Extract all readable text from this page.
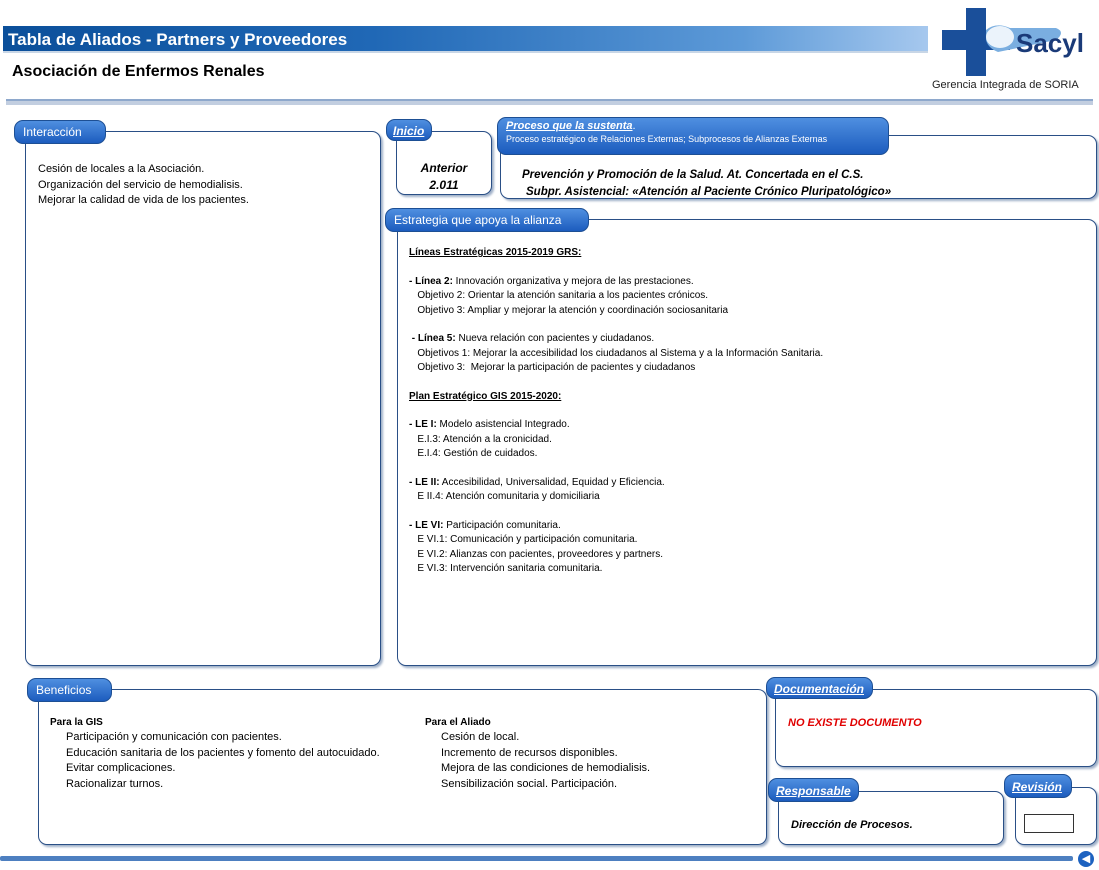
Tabla de Aliados - Partners y Proveedores
Asociación de Enfermos Renales
Sacyl
Gerencia Integrada de SORIA
Interacción
Cesión de locales a la Asociación.
Organización del servicio de hemodialisis.
Mejorar la calidad de vida de los pacientes.
Inicio
Anterior
2.011
Proceso que la sustenta.
Proceso estratégico de Relaciones Externas; Subprocesos de Alianzas Externas
Prevención y Promoción de la Salud. At. Concertada en el C.S.
Subpr. Asistencial: «Atención al Paciente Crónico Pluripatológico»
Estrategia que apoya la alianza
Líneas Estratégicas 2015-2019 GRS:
- Línea 2: Innovación organizativa y mejora de las prestaciones.
Objetivo 2: Orientar la atención sanitaria a los pacientes crónicos.
Objetivo 3: Ampliar y mejorar la atención y coordinación sociosanitaria
- Línea 5: Nueva relación con pacientes y ciudadanos.
Objetivos 1: Mejorar la accesibilidad los ciudadanos al Sistema y a la Información Sanitaria.
Objetivo 3:  Mejorar la participación de pacientes y ciudadanos
Plan Estratégico GIS 2015-2020:
- LE I: Modelo asistencial Integrado.
E.I.3: Atención a la cronicidad.
E.I.4: Gestión de cuidados.
- LE II: Accesibilidad, Universalidad, Equidad y Eficiencia.
E II.4: Atención comunitaria y domiciliaria
- LE VI: Participación comunitaria.
E VI.1: Comunicación y participación comunitaria.
E VI.2: Alianzas con pacientes, proveedores y partners.
E VI.3: Intervención sanitaria comunitaria.
Beneficios
Para la GIS
Participación y comunicación con pacientes.
Educación sanitaria de los pacientes y fomento del autocuidado.
Evitar complicaciones.
Racionalizar turnos.
Para el Aliado
Cesión de local.
Incremento de recursos disponibles.
Mejora de las condiciones de hemodialisis.
Sensibilización social. Participación.
Documentación
NO EXISTE DOCUMENTO
Responsable
Dirección de Procesos.
Revisión
◀
